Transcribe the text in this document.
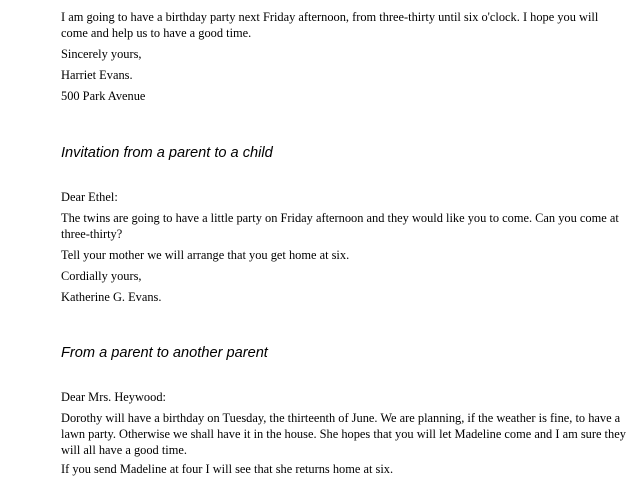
I am going to have a birthday party next Friday afternoon, from three-thirty until six o'clock. I hope you will come and help us to have a good time.

Sincerely yours,

Harriet Evans.

500 Park Avenue

Invitation from a parent to a child

Dear Ethel:

The twins are going to have a little party on Friday afternoon and they would like you to come. Can you come at three-thirty?

Tell your mother we will arrange that you get home at six.

Cordially yours,

Katherine G. Evans.

From a parent to another parent

Dear Mrs. Heywood:

Dorothy will have a birthday on Tuesday, the thirteenth of June. We are planning, if the weather is fine, to have a lawn party. Otherwise we shall have it in the house. She hopes that you will let Madeline come and I am sure they will all have a good time.

If you send Madeline at four I will see that she returns home at six.
